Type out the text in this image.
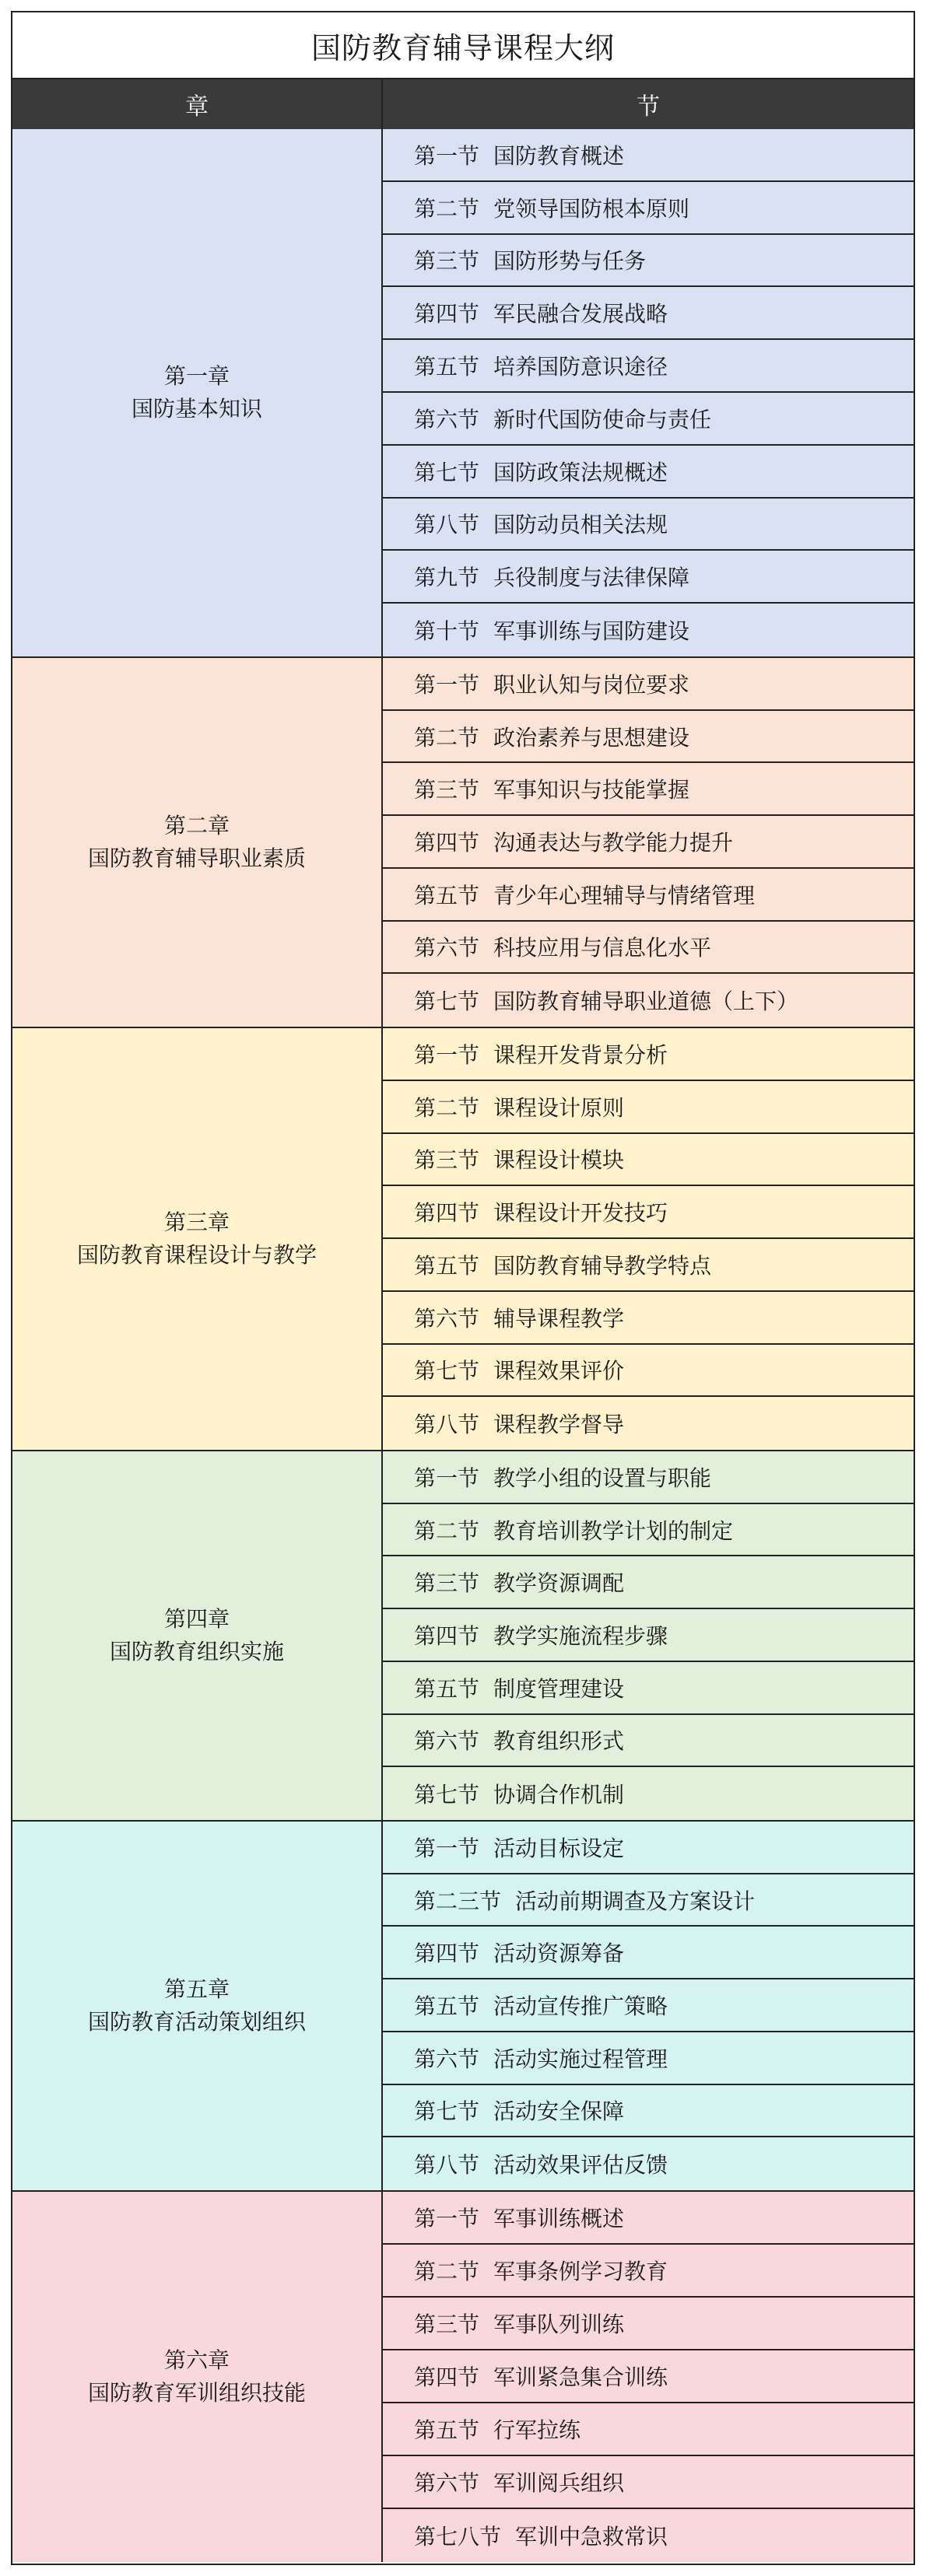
国防教育辅导课程大纲
章	节
第一章
国防基本知识
第一节 国防教育概述
第二节 党领导国防根本原则
第三节 国防形势与任务
第四节 军民融合发展战略
第五节 培养国防意识途径
第六节 新时代国防使命与责任
第七节 国防政策法规概述
第八节 国防动员相关法规
第九节 兵役制度与法律保障
第十节 军事训练与国防建设
第二章
国防教育辅导职业素质
第一节 职业认知与岗位要求
第二节 政治素养与思想建设
第三节 军事知识与技能掌握
第四节 沟通表达与教学能力提升
第五节 青少年心理辅导与情绪管理
第六节 科技应用与信息化水平
第七节 国防教育辅导职业道德（上下）
第三章
国防教育课程设计与教学
第一节 课程开发背景分析
第二节 课程设计原则
第三节 课程设计模块
第四节 课程设计开发技巧
第五节 国防教育辅导教学特点
第六节 辅导课程教学
第七节 课程效果评价
第八节 课程教学督导
第四章
国防教育组织实施
第一节 教学小组的设置与职能
第二节 教育培训教学计划的制定
第三节 教学资源调配
第四节 教学实施流程步骤
第五节 制度管理建设
第六节 教育组织形式
第七节 协调合作机制
第五章
国防教育活动策划组织
第一节 活动目标设定
第二三节 活动前期调查及方案设计
第四节 活动资源筹备
第五节 活动宣传推广策略
第六节 活动实施过程管理
第七节 活动安全保障
第八节 活动效果评估反馈
第六章
国防教育军训组织技能
第一节 军事训练概述
第二节 军事条例学习教育
第三节 军事队列训练
第四节 军训紧急集合训练
第五节 行军拉练
第六节 军训阅兵组织
第七八节 军训中急救常识
